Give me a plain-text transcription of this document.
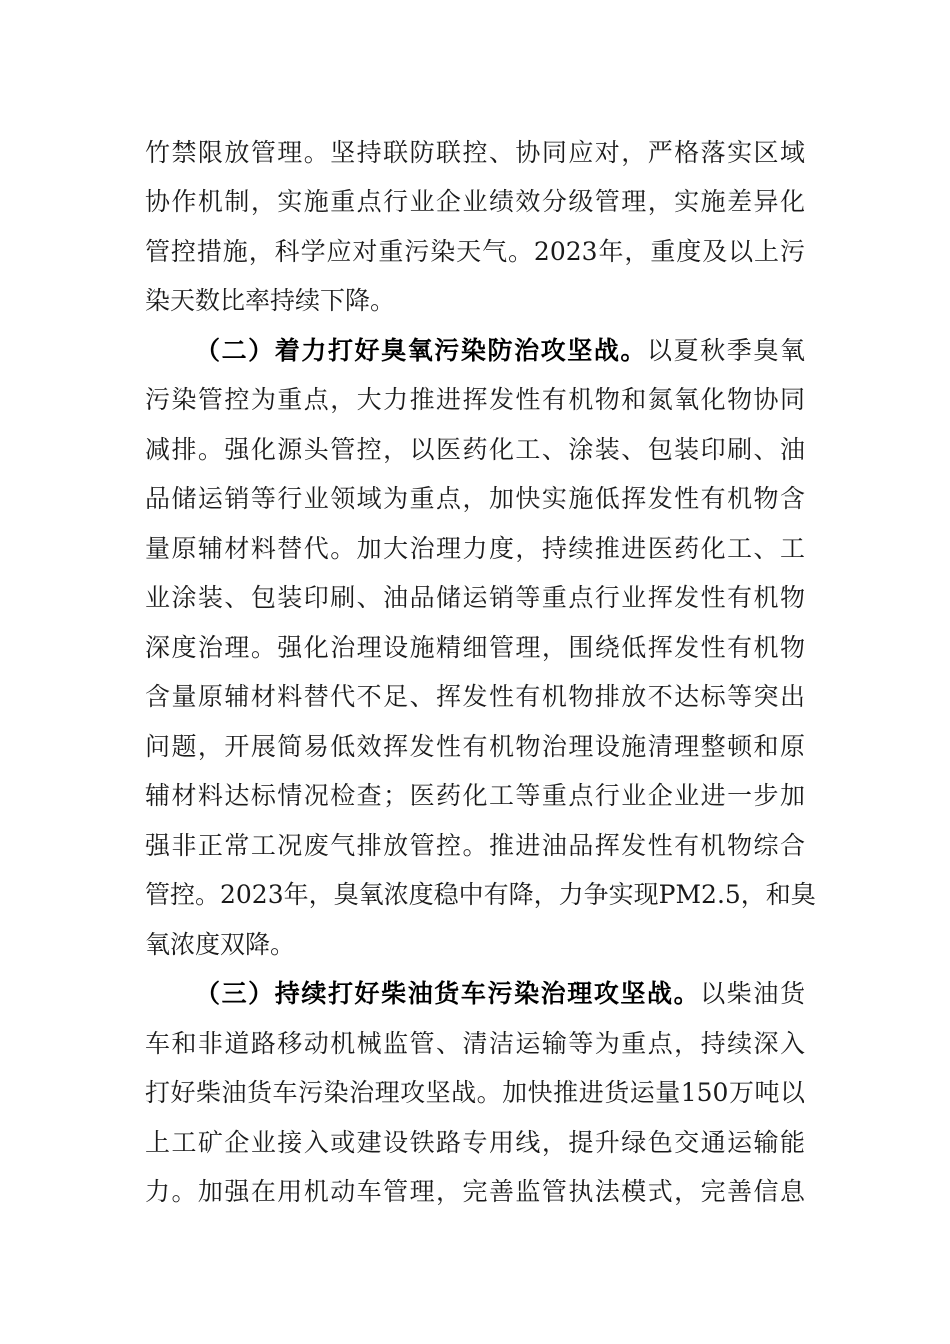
竹禁限放管理。坚持联防联控、协同应对，严格落实区域
协作机制，实施重点行业企业绩效分级管理，实施差异化
管控措施，科学应对重污染天气。2023年，重度及以上污
染天数比率持续下降。
（二）着力打好臭氧污染防治攻坚战。以夏秋季臭氧
污染管控为重点，大力推进挥发性有机物和氮氧化物协同
减排。强化源头管控，以医药化工、涂装、包装印刷、油
品储运销等行业领域为重点，加快实施低挥发性有机物含
量原辅材料替代。加大治理力度，持续推进医药化工、工
业涂装、包装印刷、油品储运销等重点行业挥发性有机物
深度治理。强化治理设施精细管理，围绕低挥发性有机物
含量原辅材料替代不足、挥发性有机物排放不达标等突出
问题，开展简易低效挥发性有机物治理设施清理整顿和原
辅材料达标情况检查；医药化工等重点行业企业进一步加
强非正常工况废气排放管控。推进油品挥发性有机物综合
管控。2023年，臭氧浓度稳中有降，力争实现PM2.5，和臭
氧浓度双降。
（三）持续打好柴油货车污染治理攻坚战。以柴油货
车和非道路移动机械监管、清洁运输等为重点，持续深入
打好柴油货车污染治理攻坚战。加快推进货运量150万吨以
上工矿企业接入或建设铁路专用线，提升绿色交通运输能
力。加强在用机动车管理，完善监管执法模式，完善信息
